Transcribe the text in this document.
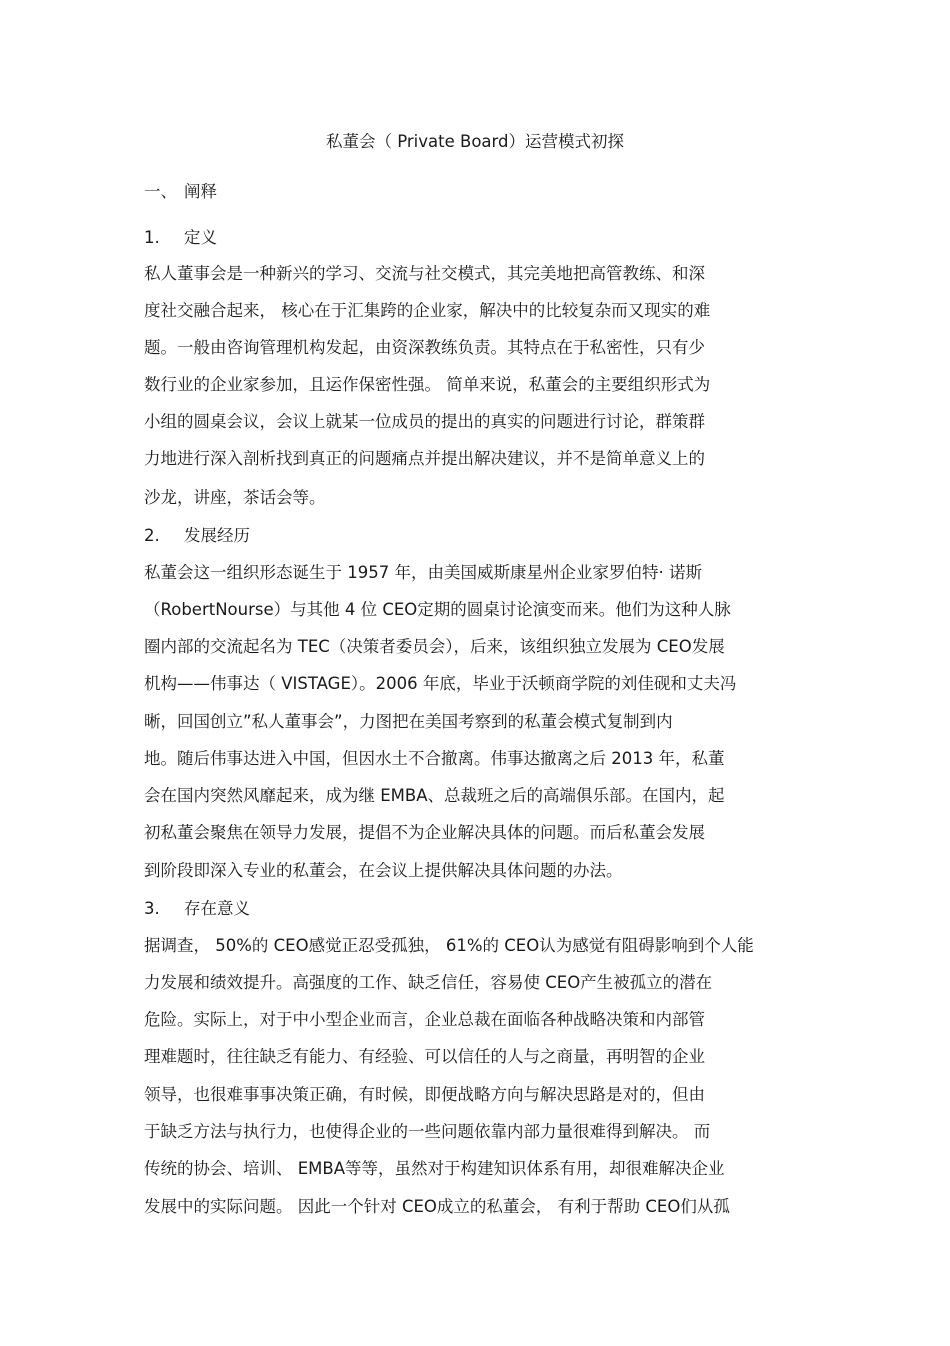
私董会（ Private Board）运营模式初探
一、 阐释
1. 定义
私人董事会是一种新兴的学习、交流与社交模式，其完美地把高管教练、和深
度社交融合起来， 核心在于汇集跨的企业家，解决中的比较复杂而又现实的难
题。一般由咨询管理机构发起，由资深教练负责。其特点在于私密性，只有少
数行业的企业家参加，且运作保密性强。 简单来说，私董会的主要组织形式为
小组的圆桌会议，会议上就某一位成员的提出的真实的问题进行讨论，群策群
力地进行深入剖析找到真正的问题痛点并提出解决建议，并不是简单意义上的
沙龙，讲座，茶话会等。
2. 发展经历
私董会这一组织形态诞生于 1957 年，由美国威斯康星州企业家罗伯特· 诺斯
（RobertNourse）与其他 4 位 CEO定期的圆桌讨论演变而来。他们为这种人脉
圈内部的交流起名为 TEC（决策者委员会），后来，该组织独立发展为 CEO发展
机构——伟事达（ VISTAGE）。2006 年底，毕业于沃顿商学院的刘佳砚和丈夫冯
晰，回国创立”私人董事会”，力图把在美国考察到的私董会模式复制到内
地。随后伟事达进入中国，但因水土不合撤离。伟事达撤离之后 2013 年，私董
会在国内突然风靡起来，成为继 EMBA、总裁班之后的高端俱乐部。在国内，起
初私董会聚焦在领导力发展，提倡不为企业解决具体的问题。而后私董会发展
到阶段即深入专业的私董会，在会议上提供解决具体问题的办法。
3. 存在意义
据调查， 50%的 CEO感觉正忍受孤独， 61%的 CEO认为感觉有阻碍影响到个人能
力发展和绩效提升。高强度的工作、缺乏信任，容易使 CEO产生被孤立的潜在
危险。实际上，对于中小型企业而言，企业总裁在面临各种战略决策和内部管
理难题时，往往缺乏有能力、有经验、可以信任的人与之商量，再明智的企业
领导，也很难事事决策正确，有时候，即便战略方向与解决思路是对的，但由
于缺乏方法与执行力，也使得企业的一些问题依靠内部力量很难得到解决。 而
传统的协会、培训、 EMBA等等，虽然对于构建知识体系有用，却很难解决企业
发展中的实际问题。 因此一个针对 CEO成立的私董会， 有利于帮助 CEO们从孤
